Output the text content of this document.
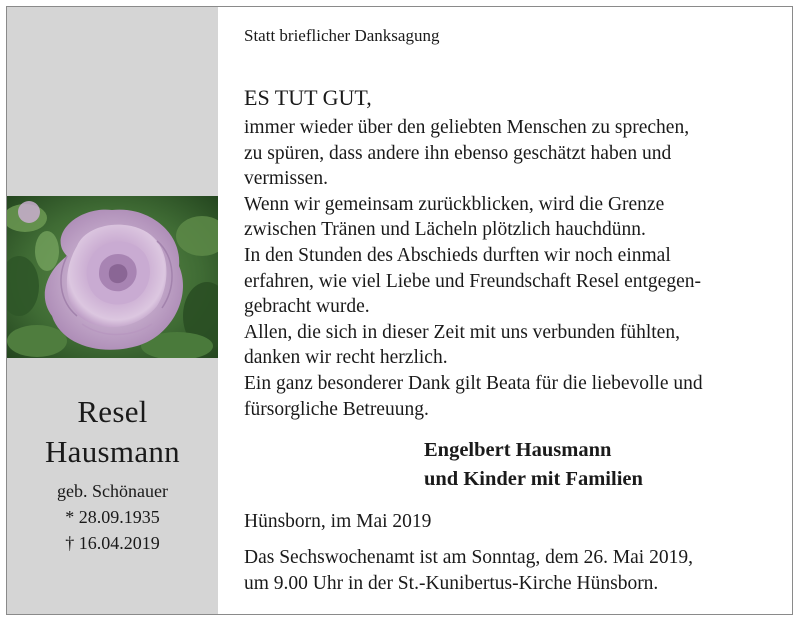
Resel
Hausmann
geb. Schönauer
* 28.09.1935
† 16.04.2019
Statt brieflicher Danksagung
ES TUT GUT,
immer wieder über den geliebten Menschen zu sprechen,
zu spüren, dass andere ihn ebenso geschätzt haben und
vermissen.
Wenn wir gemeinsam zurückblicken, wird die Grenze
zwischen Tränen und Lächeln plötzlich hauchdünn.
In den Stunden des Abschieds durften wir noch einmal
erfahren, wie viel Liebe und Freundschaft Resel entgegen-
gebracht wurde.
Allen, die sich in dieser Zeit mit uns verbunden fühlten,
danken wir recht herzlich.
Ein ganz besonderer Dank gilt Beata für die liebevolle und
fürsorgliche Betreuung.
Engelbert Hausmann
und Kinder mit Familien
Hünsborn, im Mai 2019
Das Sechswochenamt ist am Sonntag, dem 26. Mai 2019,
um 9.00 Uhr in der St.-Kunibertus-Kirche Hünsborn.
